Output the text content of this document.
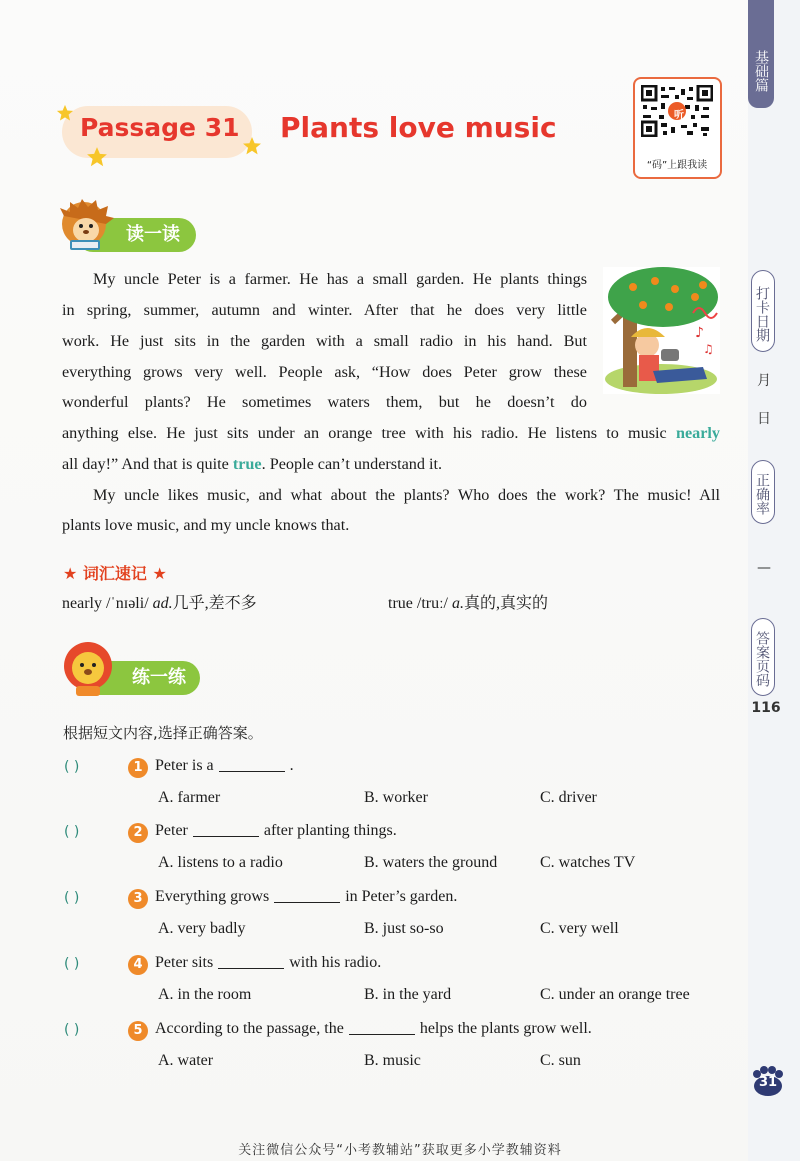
基础篇
打卡日期
月
日
正确率
—
答案页码
116
Passage 31 Plants love music	听
“码”上跟我读
读一读
♪
♫
My uncle Peter is a farmer. He has a small garden. He plants things
in spring, summer, autumn and winter. After that he does very little
work. He just sits in the garden with a small radio in his hand. But
everything grows very well. People ask, “How does Peter grow these
wonderful plants? He sometimes waters them, but he doesn’t do
anything else. He just sits under an orange tree with his radio. He listens to music nearly
all day!” And that is quite true. People can’t understand it.
My uncle likes music, and what about the plants? Who does the work? The music! All
plants love music, and my uncle knows that.
★ 词汇速记 ★
nearly /ˈnɪəli/ ad.几乎,差不多	true /truː/ a.真的,真实的
练一练
根据短文内容,选择正确答案。
( )	1 Peter is a	.
A. farmer	B. worker	C. driver
( )	2 Peter	after planting things.
A. listens to a radio	B. waters the ground	C. watches TV
( )	3 Everything grows	in Peter’s garden.
A. very badly	B. just so-so	C. very well
( )	4 Peter sits	with his radio.
A. in the room	B. in the yard	C. under an orange tree
( )	5 According to the passage, the	helps the plants grow well.
A. water	B. music	C. sun
31
关注微信公众号“小考教辅站”获取更多小学教辅资料
